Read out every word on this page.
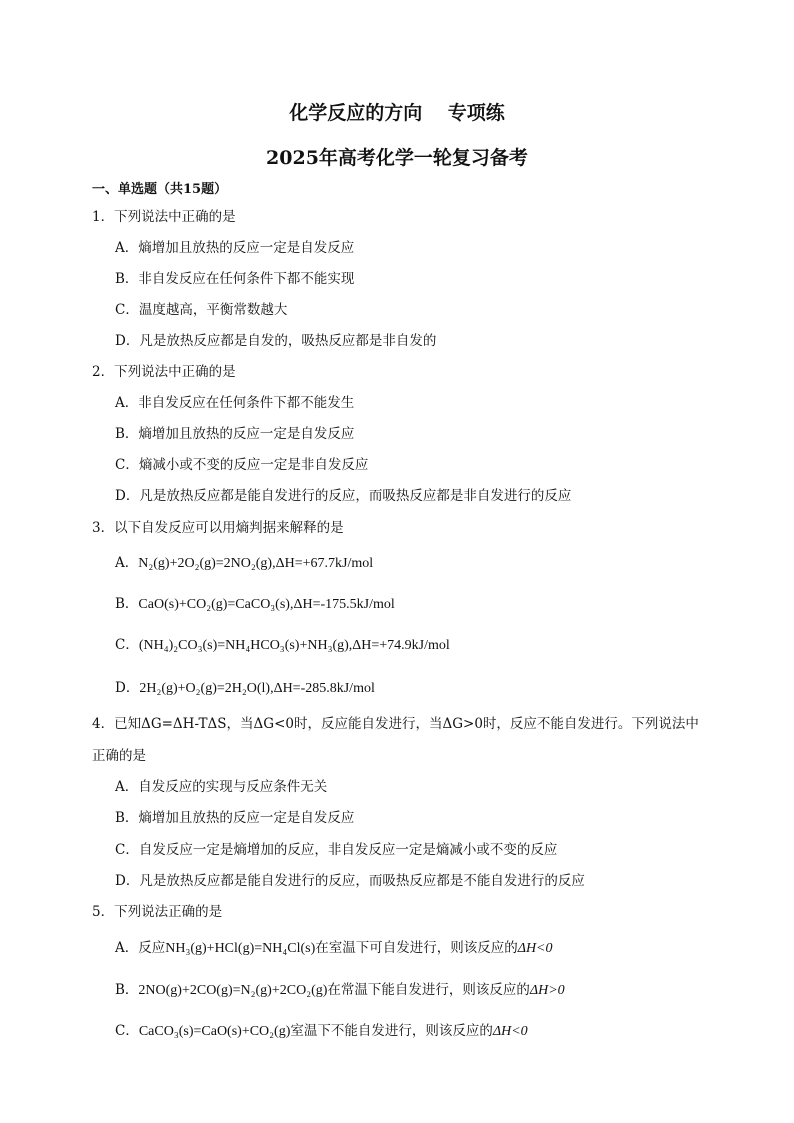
化学反应的方向　 专项练
2025年高考化学一轮复习备考
一、单选题（共15题）
1．下列说法中正确的是
A．熵增加且放热的反应一定是自发反应
B．非自发反应在任何条件下都不能实现
C．温度越高，平衡常数越大
D．凡是放热反应都是自发的，吸热反应都是非自发的
2．下列说法中正确的是
A．非自发反应在任何条件下都不能发生
B．熵增加且放热的反应一定是自发反应
C．熵减小或不变的反应一定是非自发反应
D．凡是放热反应都是能自发进行的反应，而吸热反应都是非自发进行的反应
3．以下自发反应可以用熵判据来解释的是
A．N₂(g)+2O₂(g)=2NO₂(g),ΔH=+67.7kJ/mol
B．CaO(s)+CO₂(g)=CaCO₃(s),ΔH=-175.5kJ/mol
C．(NH₄)₂CO₃(s)=NH₄HCO₃(s)+NH₃(g),ΔH=+74.9kJ/mol
D．2H₂(g)+O₂(g)=2H₂O(l),ΔH=-285.8kJ/mol
4．已知ΔG=ΔH-TΔS，当ΔG<0时，反应能自发进行，当ΔG>0时，反应不能自发进行。下列说法中
正确的是
A．自发反应的实现与反应条件无关
B．熵增加且放热的反应一定是自发反应
C．自发反应一定是熵增加的反应，非自发反应一定是熵减小或不变的反应
D．凡是放热反应都是能自发进行的反应，而吸热反应都是不能自发进行的反应
5．下列说法正确的是
A．反应NH₃(g)+HCl(g)=NH₄Cl(s)在室温下可自发进行，则该反应的ΔH<0
B．2NO(g)+2CO(g)=N₂(g)+2CO₂(g)在常温下能自发进行，则该反应的ΔH>0
C．CaCO₃(s)=CaO(s)+CO₂(g)室温下不能自发进行，则该反应的ΔH<0
